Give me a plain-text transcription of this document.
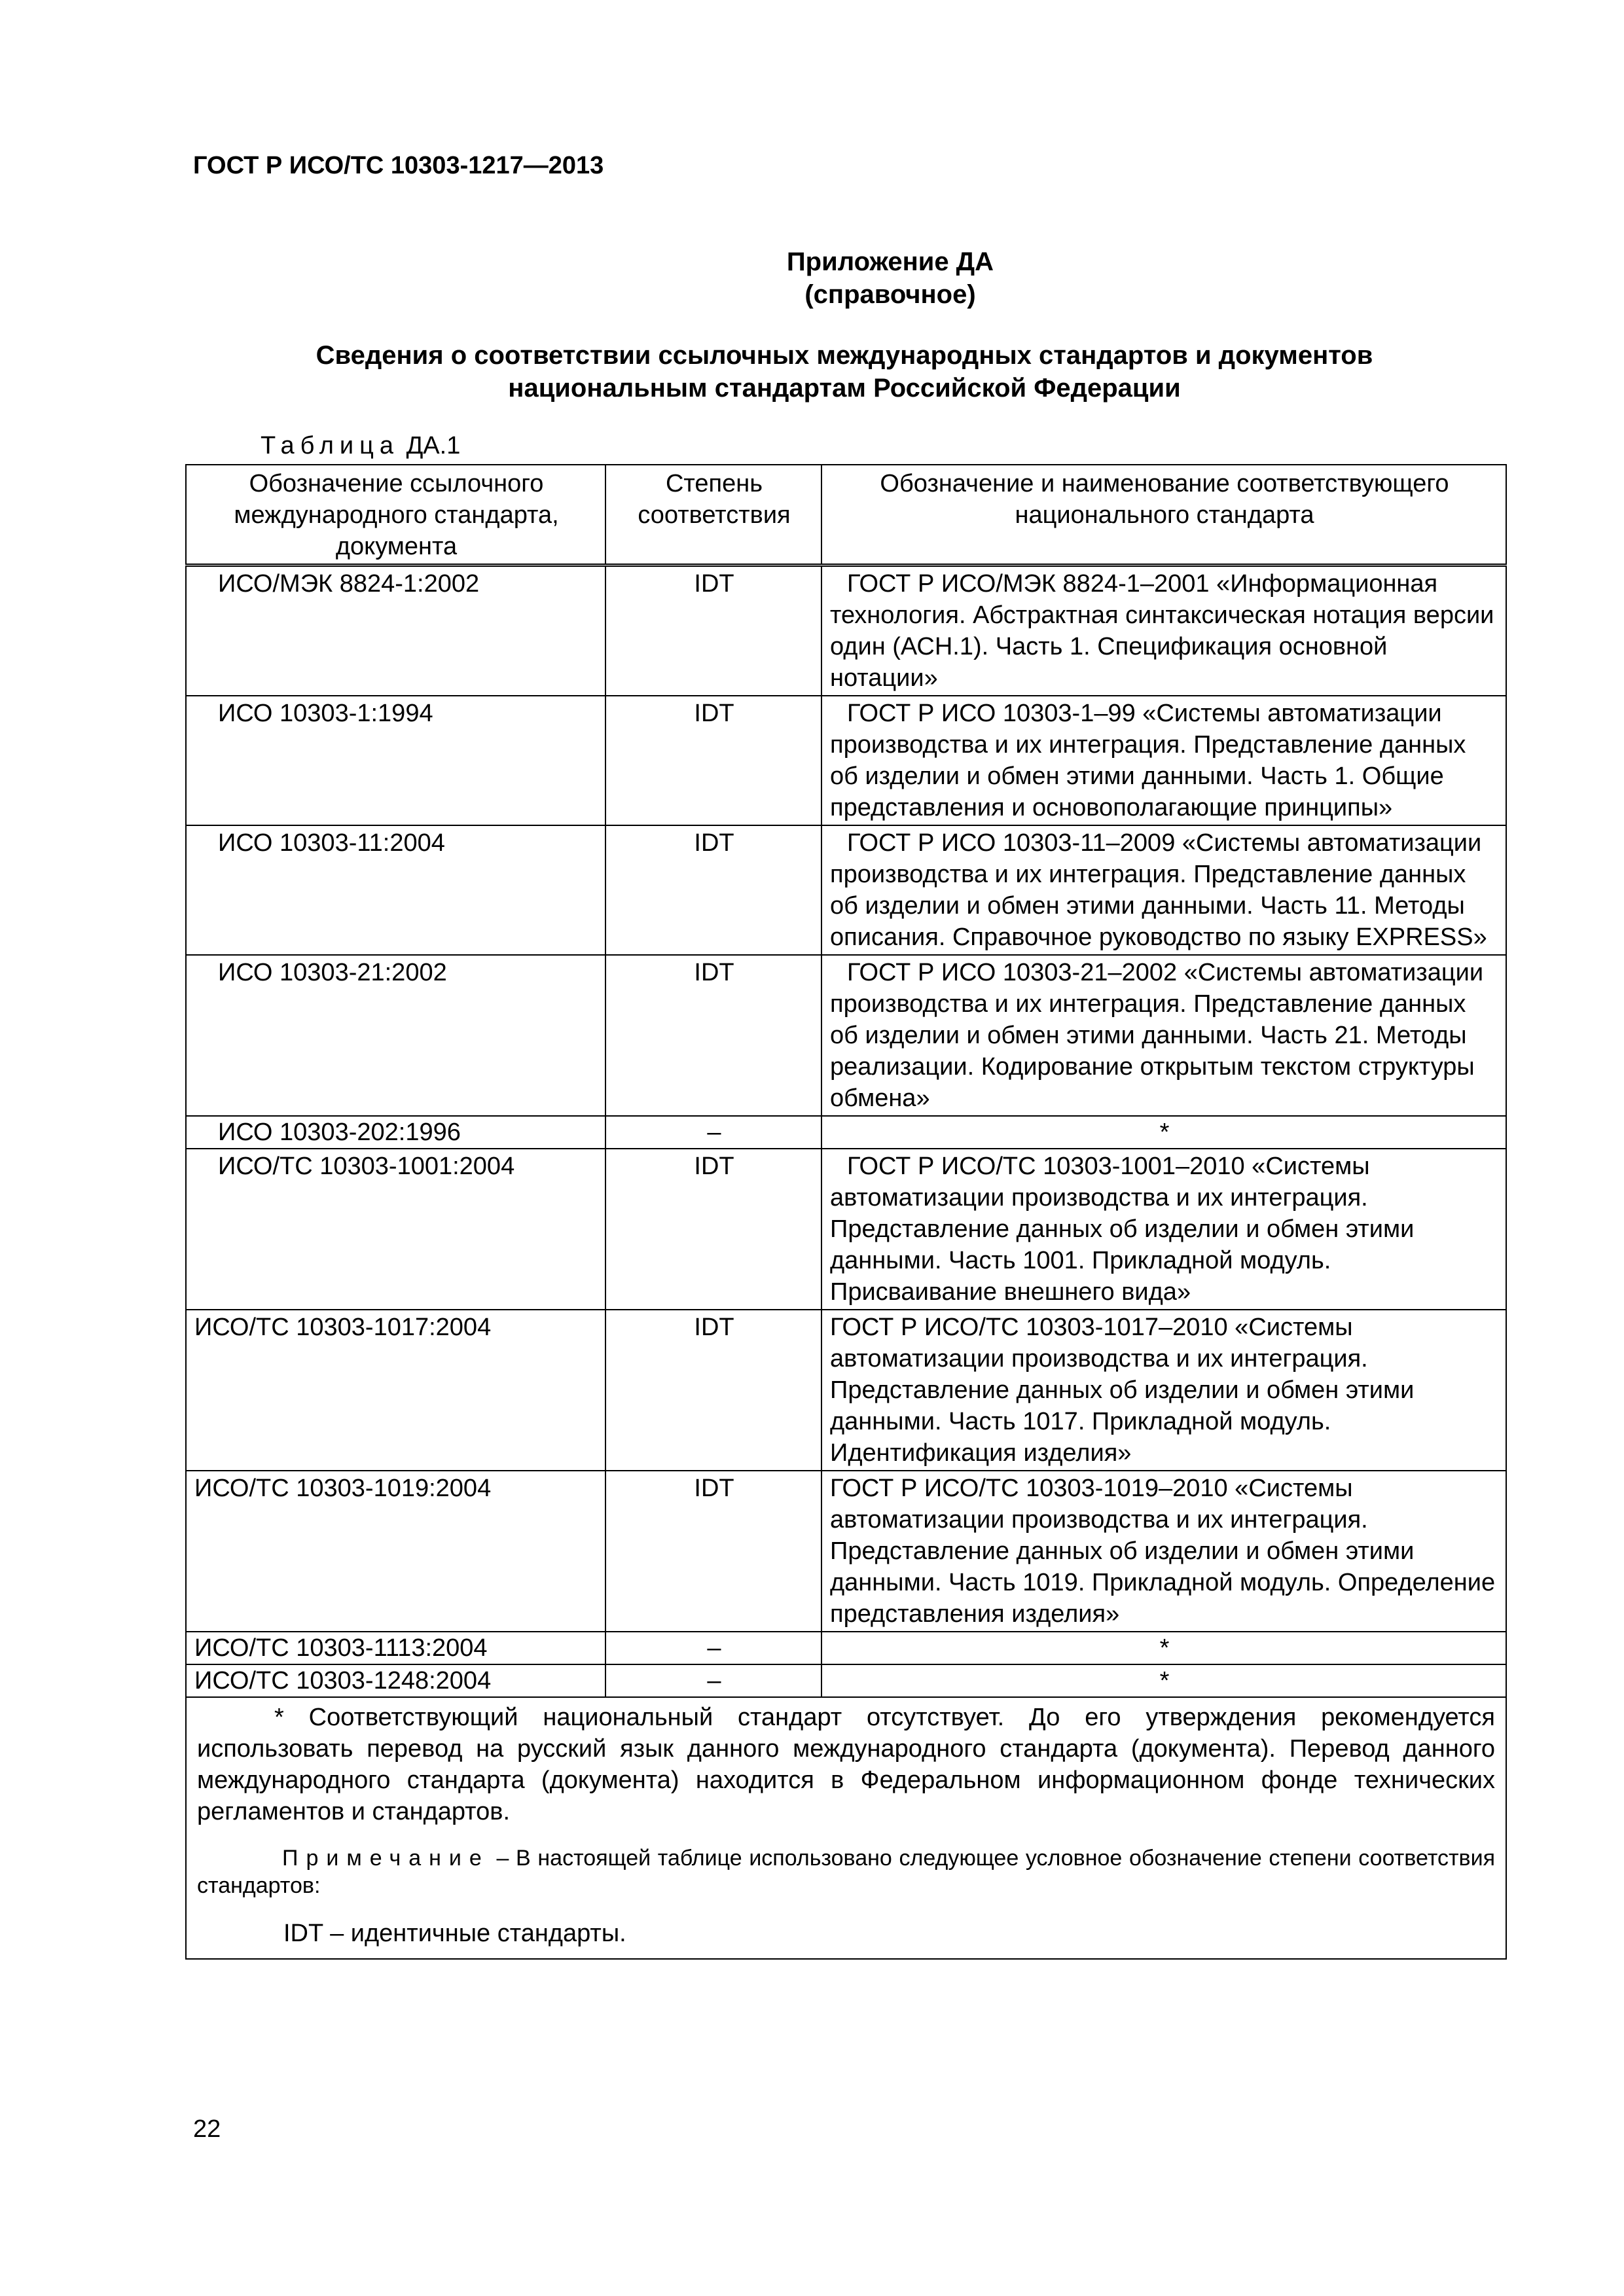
ГОСТ Р ИСО/ТС 10303-1217—2013
Приложение ДА
(справочное)
Сведения о соответствии ссылочных международных стандартов и документов
национальным стандартам Российской Федерации
Таблица ДА.1
Обозначение ссылочного международного стандарта, документа	Степень соответствия	Обозначение и наименование соответствующего национального стандарта
ИСО/МЭК 8824-1:2002	IDT	ГОСТ Р ИСО/МЭК 8824-1–2001 «Информационная технология. Абстрактная синтаксическая нотация версии один (АСН.1). Часть 1. Спецификация основной нотации»
ИСО 10303-1:1994	IDT	ГОСТ Р ИСО 10303-1–99 «Системы автоматизации производства и их интеграция. Представление данных об изделии и обмен этими данными. Часть 1. Общие представления и основополагающие принципы»
ИСО 10303-11:2004	IDT	ГОСТ Р ИСО 10303-11–2009 «Системы автоматизации производства и их интеграция. Представление данных об изделии и обмен этими данными. Часть 11. Методы описания. Справочное руководство по языку EXPRESS»
ИСО 10303-21:2002	IDT	ГОСТ Р ИСО 10303-21–2002 «Системы автоматизации производства и их интеграция. Представление данных об изделии и обмен этими данными. Часть 21. Методы реализации. Кодирование открытым текстом структуры обмена»
ИСО 10303-202:1996	–	*
ИСО/ТС 10303-1001:2004	IDT	ГОСТ Р ИСО/ТС 10303-1001–2010 «Системы автоматизации производства и их интеграция. Представление данных об изделии и обмен этими данными. Часть 1001. Прикладной модуль. Присваивание внешнего вида»
ИСО/ТС 10303-1017:2004	IDT	ГОСТ Р ИСО/ТС 10303-1017–2010 «Системы автоматизации производства и их интеграция. Представление данных об изделии и обмен этими данными. Часть 1017. Прикладной модуль. Идентификация изделия»
ИСО/ТС 10303-1019:2004	IDT	ГОСТ Р ИСО/ТС 10303-1019–2010 «Системы автоматизации производства и их интеграция. Представление данных об изделии и обмен этими данными. Часть 1019. Прикладной модуль. Определение представления изделия»
ИСО/ТС 10303-1113:2004	–	*
ИСО/ТС 10303-1248:2004	–	*

* Соответствующий национальный стандарт отсутствует. До его утверждения рекомендуется использовать перевод на русский язык данного международного стандарта (документа). Перевод данного международного стандарта (документа) находится в Федеральном информационном фонде технических регламентов и стандартов.

Примечание – В настоящей таблице использовано следующее условное обозначение степени соответствия стандартов:

IDT – идентичные стандарты.		

22
